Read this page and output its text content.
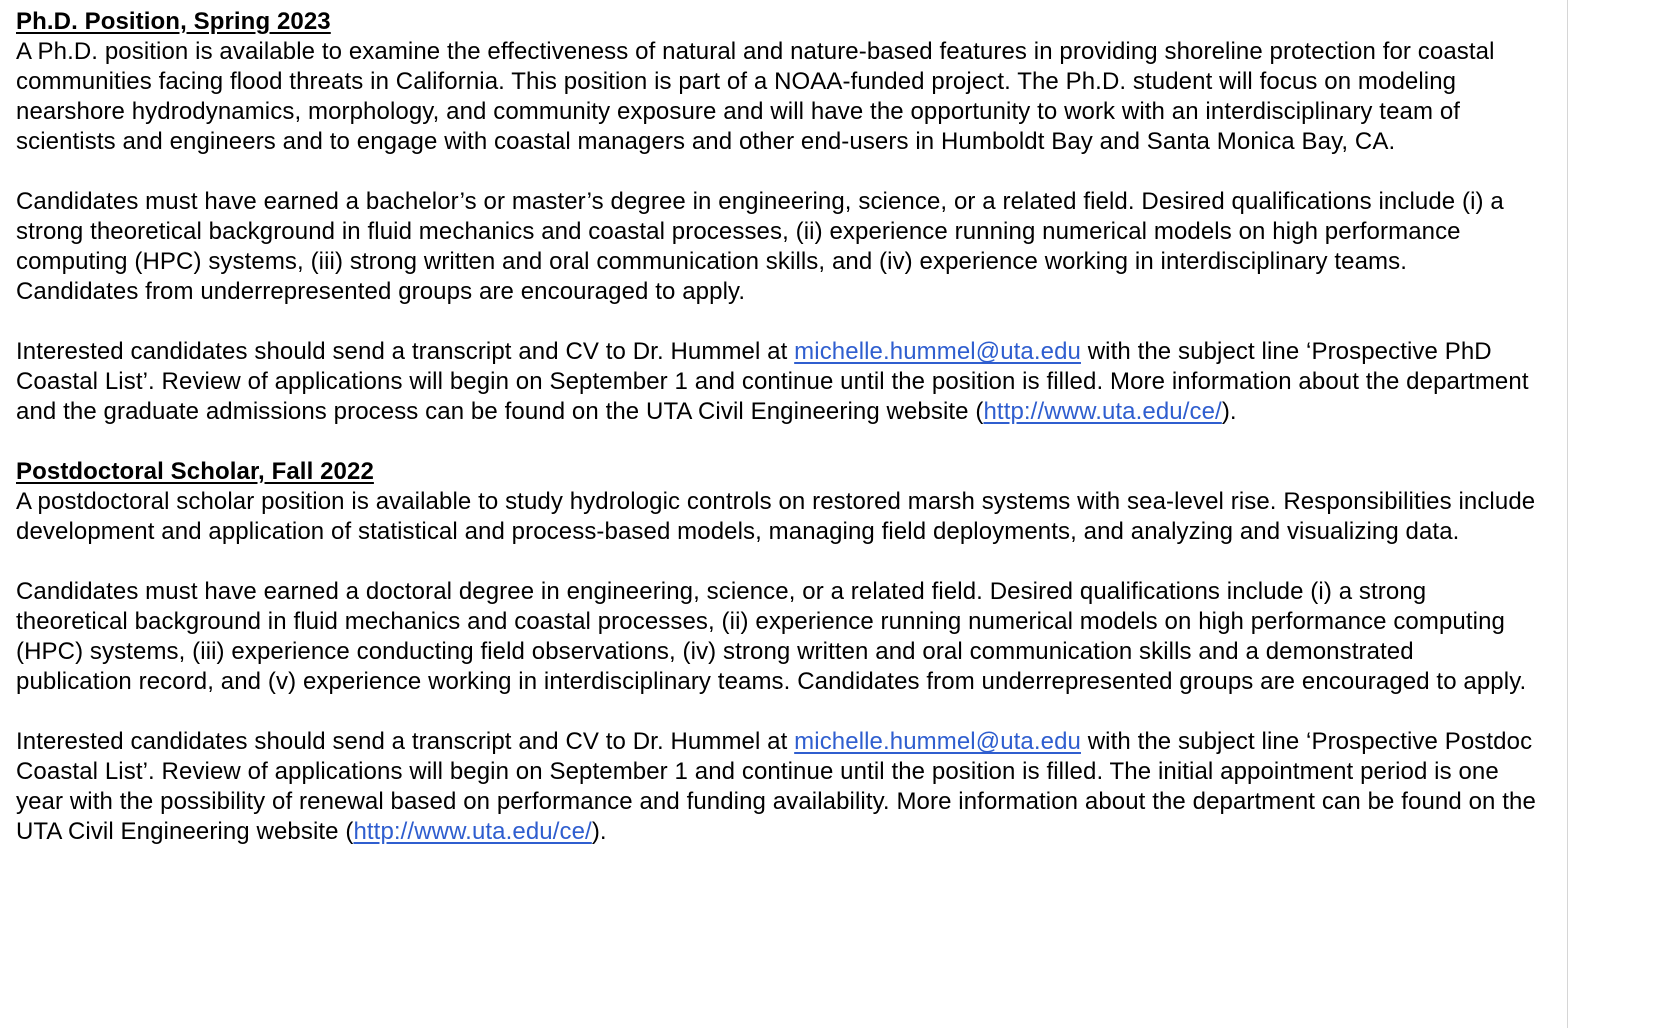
Ph.D. Position, Spring 2023

A Ph.D. position is available to examine the effectiveness of natural and nature-based features in providing shoreline protection for coastal communities facing flood threats in California. This position is part of a NOAA-funded project. The Ph.D. student will focus on modeling nearshore hydrodynamics, morphology, and community exposure and will have the opportunity to work with an interdisciplinary team of scientists and engineers and to engage with coastal managers and other end-users in Humboldt Bay and Santa Monica Bay, CA.

Candidates must have earned a bachelor’s or master’s degree in engineering, science, or a related field. Desired qualifications include (i) a strong theoretical background in fluid mechanics and coastal processes, (ii) experience running numerical models on high performance computing (HPC) systems, (iii) strong written and oral communication skills, and (iv) experience working in interdisciplinary teams. Candidates from underrepresented groups are encouraged to apply.

Interested candidates should send a transcript and CV to Dr. Hummel at michelle.hummel@uta.edu with the subject line ‘Prospective PhD Coastal List’. Review of applications will begin on September 1 and continue until the position is filled. More information about the department and the graduate admissions process can be found on the UTA Civil Engineering website (http://www.uta.edu/ce/).

Postdoctoral Scholar, Fall 2022

A postdoctoral scholar position is available to study hydrologic controls on restored marsh systems with sea-level rise. Responsibilities include development and application of statistical and process-based models, managing field deployments, and analyzing and visualizing data.

Candidates must have earned a doctoral degree in engineering, science, or a related field. Desired qualifications include (i) a strong theoretical background in fluid mechanics and coastal processes, (ii) experience running numerical models on high performance computing (HPC) systems, (iii) experience conducting field observations, (iv) strong written and oral communication skills and a demonstrated publication record, and (v) experience working in interdisciplinary teams. Candidates from underrepresented groups are encouraged to apply.

Interested candidates should send a transcript and CV to Dr. Hummel at michelle.hummel@uta.edu with the subject line ‘Prospective Postdoc Coastal List’. Review of applications will begin on September 1 and continue until the position is filled. The initial appointment period is one year with the possibility of renewal based on performance and funding availability. More information about the department can be found on the UTA Civil Engineering website (http://www.uta.edu/ce/).
